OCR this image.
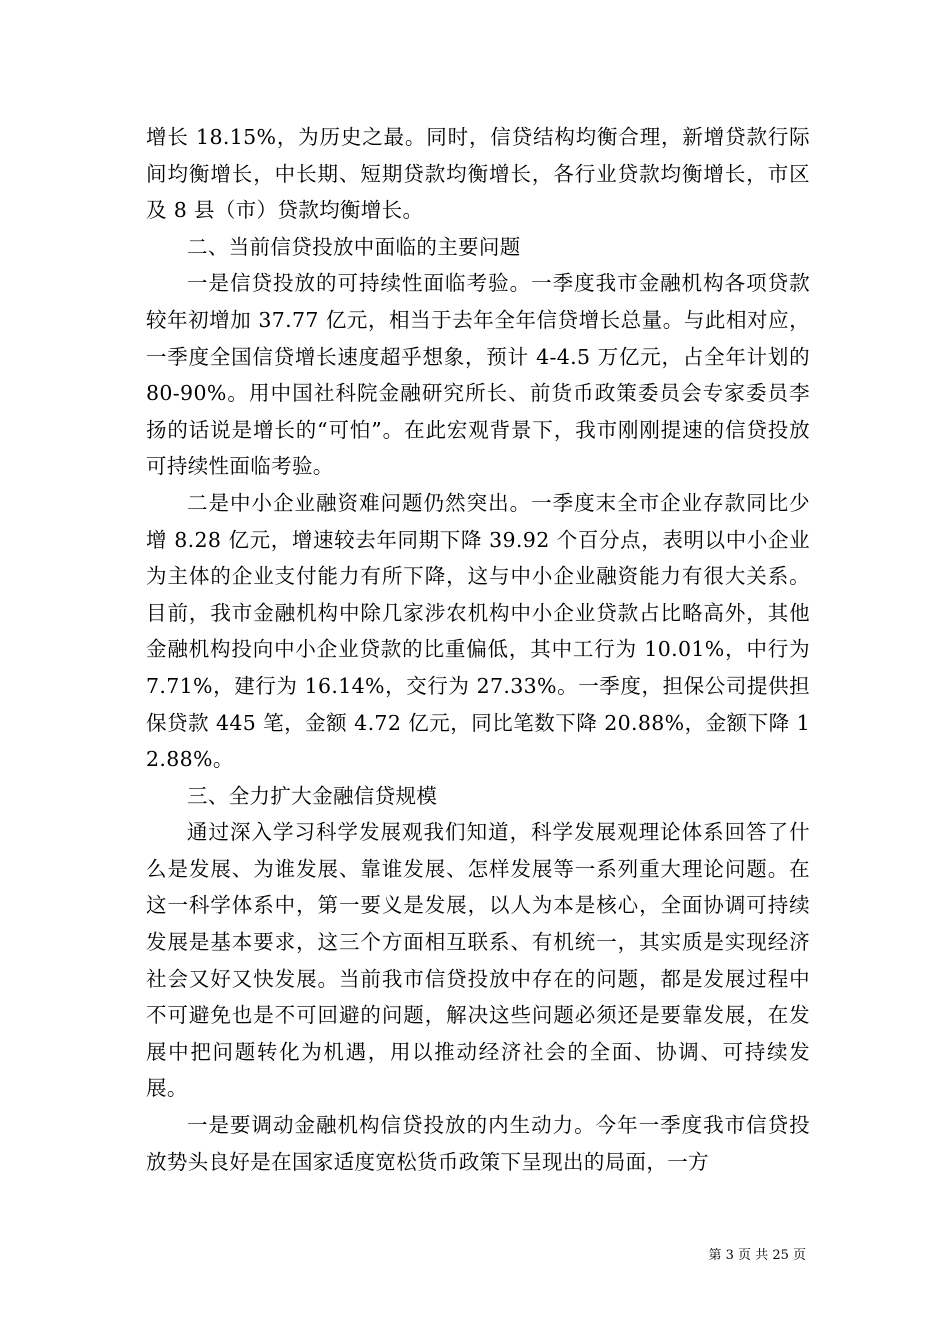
增长 18.15%，为历史之最。同时，信贷结构均衡合理，新增贷款行际间均衡增长，中长期、短期贷款均衡增长，各行业贷款均衡增长，市区及 8 县（市）贷款均衡增长。

二、当前信贷投放中面临的主要问题

一是信贷投放的可持续性面临考验。一季度我市金融机构各项贷款较年初增加 37.77 亿元，相当于去年全年信贷增长总量。与此相对应，一季度全国信贷增长速度超乎想象，预计 4-4.5 万亿元，占全年计划的 80-90%。用中国社科院金融研究所长、前货币政策委员会专家委员李扬的话说是增长的“可怕”。在此宏观背景下，我市刚刚提速的信贷投放可持续性面临考验。

二是中小企业融资难问题仍然突出。一季度末全市企业存款同比少增 8.28 亿元，增速较去年同期下降 39.92 个百分点，表明以中小企业为主体的企业支付能力有所下降，这与中小企业融资能力有很大关系。目前，我市金融机构中除几家涉农机构中小企业贷款占比略高外，其他金融机构投向中小企业贷款的比重偏低，其中工行为 10.01%，中行为 7.71%，建行为 16.14%，交行为 27.33%。一季度，担保公司提供担保贷款 445 笔，金额 4.72 亿元，同比笔数下降 20.88%，金额下降 12.88%。

三、全力扩大金融信贷规模

通过深入学习科学发展观我们知道，科学发展观理论体系回答了什么是发展、为谁发展、靠谁发展、怎样发展等一系列重大理论问题。在这一科学体系中，第一要义是发展，以人为本是核心，全面协调可持续发展是基本要求，这三个方面相互联系、有机统一，其实质是实现经济社会又好又快发展。当前我市信贷投放中存在的问题，都是发展过程中不可避免也是不可回避的问题，解决这些问题必须还是要靠发展，在发展中把问题转化为机遇，用以推动经济社会的全面、协调、可持续发展。

一是要调动金融机构信贷投放的内生动力。今年一季度我市信贷投放势头良好是在国家适度宽松货币政策下呈现出的局面，一方

第 3 页 共 25 页
